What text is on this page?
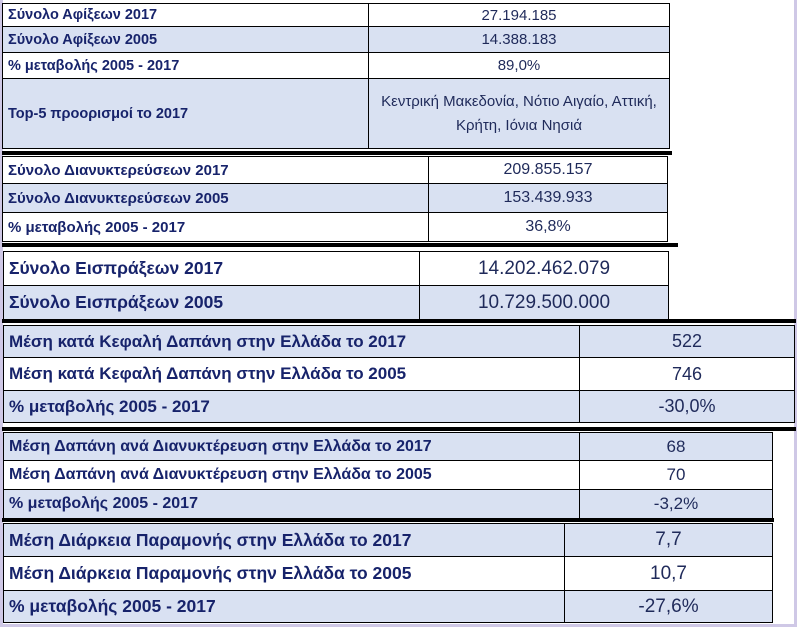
Σύνολο Αφίξεων 2017	27.194.185
Σύνολο Αφίξεων 2005	14.388.183
% μεταβολής 2005 - 2017	89,0%
Top-5 προορισμοί το 2017	Κεντρική Μακεδονία, Νότιο Αιγαίο, Αττική, Κρήτη, Ιόνια Νησιά
Σύνολο Διανυκτερεύσεων 2017	209.855.157
Σύνολο Διανυκτερεύσεων 2005	153.439.933
% μεταβολής 2005 - 2017	36,8%
Σύνολο Εισπράξεων 2017	14.202.462.079
Σύνολο Εισπράξεων 2005	10.729.500.000
Μέση κατά Κεφαλή Δαπάνη στην Ελλάδα το 2017	522
Μέση κατά Κεφαλή Δαπάνη στην Ελλάδα το 2005	746
% μεταβολής 2005 - 2017	-30,0%
Μέση Δαπάνη ανά Διανυκτέρευση στην Ελλάδα το 2017	68
Μέση Δαπάνη ανά Διανυκτέρευση στην Ελλάδα το 2005	70
% μεταβολής 2005 - 2017	-3,2%
Μέση Διάρκεια Παραμονής στην Ελλάδα το 2017	7,7
Μέση Διάρκεια Παραμονής στην Ελλάδα το 2005	10,7
% μεταβολής 2005 - 2017	-27,6%
